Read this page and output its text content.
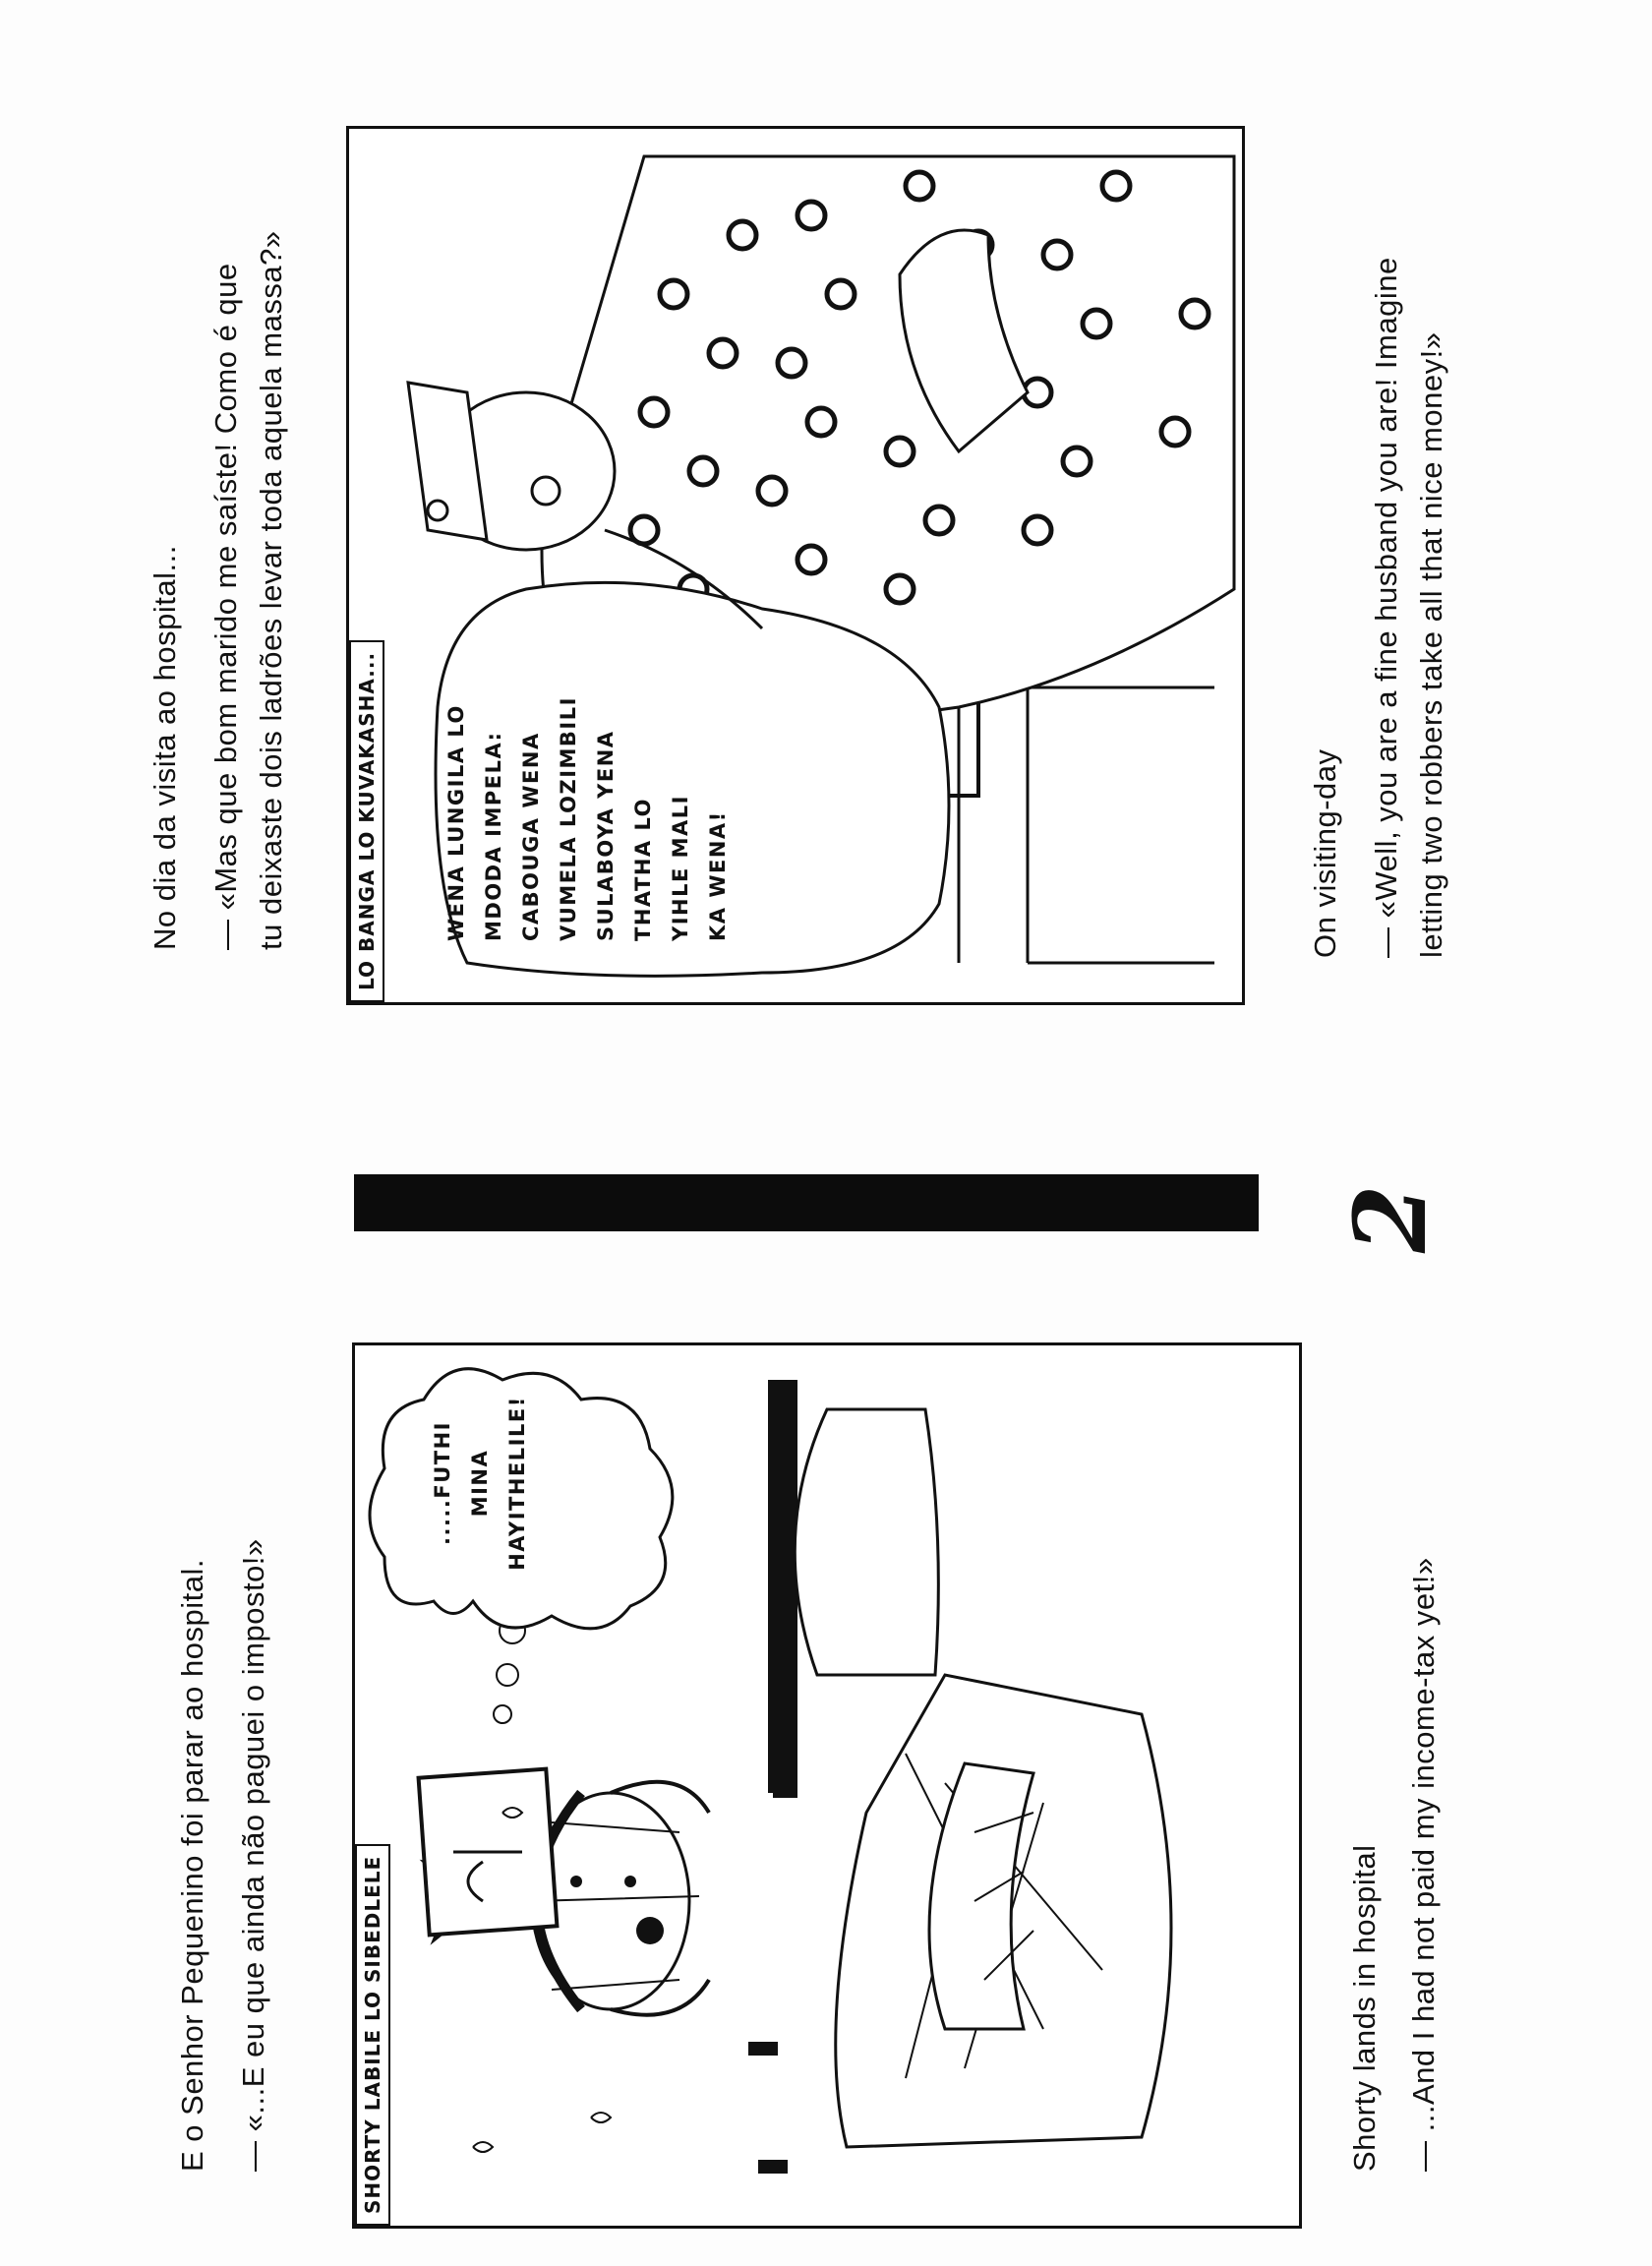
E o Senhor Pequenino foi parar ao hospital. — «...E eu que ainda não paguei o imposto!»	SHORTY LABILE LO SIBEDLELE
.....FUTHI MINA HAYITHELILE!
Shorty lands in hospital — ...And I had not paid my income-tax yet!»
2
No dia da visita ao hospital... — «Mas que bom marido me saíste! Como é que tu deixaste dois ladrões levar toda aquela massa?»	LO BANGA LO KUVAKASHA...	WENA LUNGILA LO MDODA IMPELA: CABOUGA WENA VUMELA LOZIMBILI SULABOYA YENA THATHA LO YIHLE MALI KA WENA!	On visiting-day — «Well, you are a fine husband you are! Imagine letting two robbers take all that nice money!»
